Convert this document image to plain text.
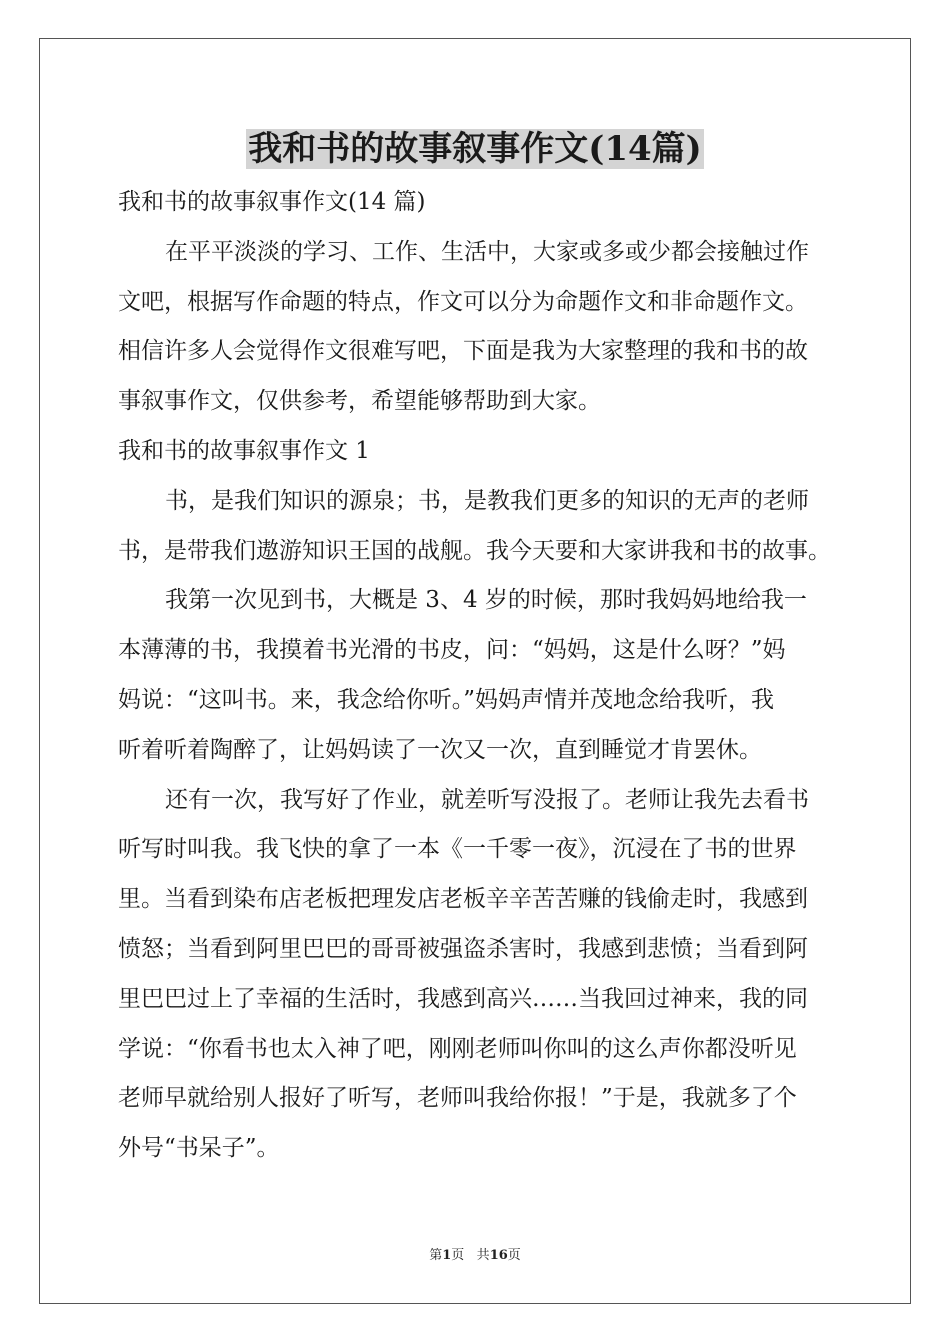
我和书的故事叙事作文(14篇)
我和书的故事叙事作文(14 篇)
在平平淡淡的学习、工作、生活中，大家或多或少都会接触过作
文吧，根据写作命题的特点，作文可以分为命题作文和非命题作文。
相信许多人会觉得作文很难写吧，下面是我为大家整理的我和书的故
事叙事作文，仅供参考，希望能够帮助到大家。
我和书的故事叙事作文 1
书，是我们知识的源泉；书，是教我们更多的知识的无声的老师
书，是带我们遨游知识王国的战舰。我今天要和大家讲我和书的故事。
我第一次见到书，大概是 3、4 岁的时候，那时我妈妈地给我一
本薄薄的书，我摸着书光滑的书皮，问：“妈妈，这是什么呀？”妈
妈说：“这叫书。来，我念给你听。”妈妈声情并茂地念给我听，我
听着听着陶醉了，让妈妈读了一次又一次，直到睡觉才肯罢休。
还有一次，我写好了作业，就差听写没报了。老师让我先去看书
听写时叫我。我飞快的拿了一本《一千零一夜》，沉浸在了书的世界
里。当看到染布店老板把理发店老板辛辛苦苦赚的钱偷走时，我感到
愤怒；当看到阿里巴巴的哥哥被强盗杀害时，我感到悲愤；当看到阿
里巴巴过上了幸福的生活时，我感到高兴……当我回过神来，我的同
学说：“你看书也太入神了吧，刚刚老师叫你叫的这么声你都没听见
老师早就给别人报好了听写，老师叫我给你报！”于是，我就多了个
外号“书呆子”。
第1页 共16页
